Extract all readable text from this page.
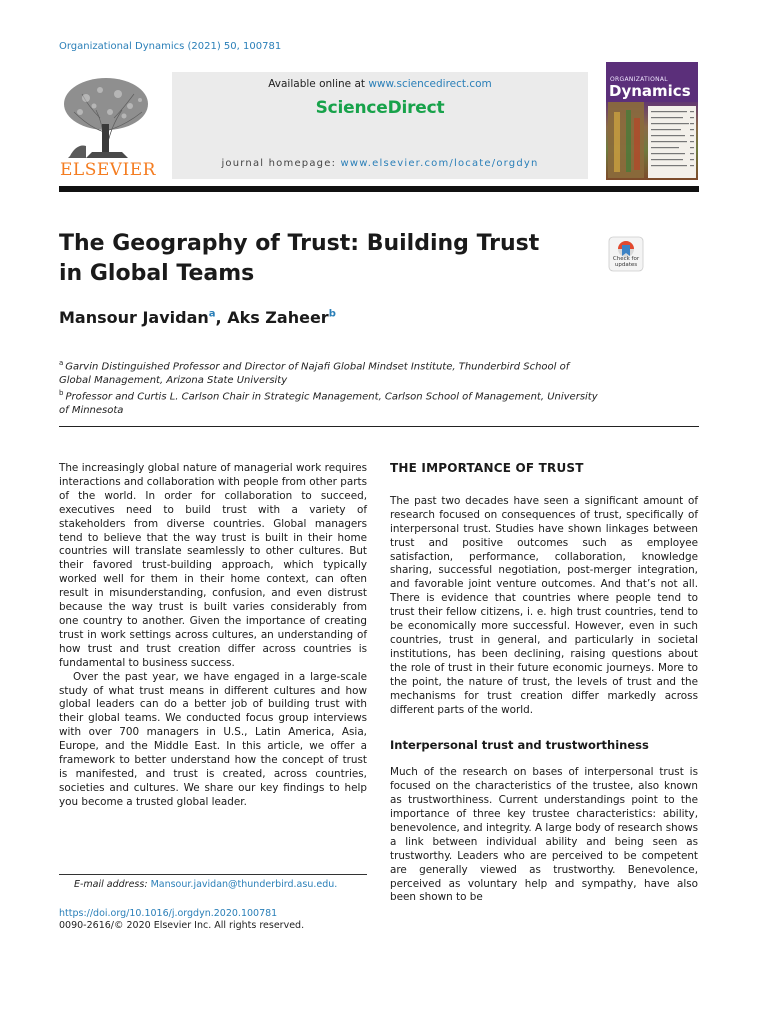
Organizational Dynamics (2021) 50, 100781
ELSEVIER
Available online at www.sciencedirect.com
ScienceDirect
journal homepage: www.elsevier.com/locate/orgdyn
ORGANIZATIONAL
Dynamics
The Geography of Trust: Building Trust
in Global Teams
Check for
updates
Mansour Javidan$^a$, Aks Zaheer$^b$
$^a$ Garvin Distinguished Professor and Director of Najafi Global Mindset Institute, Thunderbird School of Global Management, Arizona State University
$^b$ Professor and Curtis L. Carlson Chair in Strategic Management, Carlson School of Management, University of Minnesota

The increasingly global nature of managerial work requires interactions and collaboration with people from other parts of the world. In order for collaboration to succeed, executives need to build trust with a variety of stakeholders from diverse countries. Global managers tend to believe that the way trust is built in their home countries will translate seamlessly to other cultures. But their favored trust-building approach, which typically worked well for them in their home context, can often result in misunderstanding, confusion, and even distrust because the way trust is built varies considerably from one country to another. Given the importance of creating trust in work settings across cultures, an understanding of how trust and trust creation differ across countries is fundamental to business success.

Over the past year, we have engaged in a large-scale study of what trust means in different cultures and how global leaders can do a better job of building trust with their global teams. We conducted focus group interviews with over 700 managers in U.S., Latin America, Asia, Europe, and the Middle East. In this article, we offer a framework to better understand how the concept of trust is manifested, and trust is created, across countries, societies and cultures. We share our key findings to help you become a trusted global leader.

THE IMPORTANCE OF TRUST

The past two decades have seen a significant amount of research focused on consequences of trust, specifically of interpersonal trust. Studies have shown linkages between trust and positive outcomes such as employee satisfaction, performance, collaboration, knowledge sharing, successful negotiation, post-merger integration, and favorable joint venture outcomes. And that’s not all. There is evidence that countries where people tend to trust their fellow citizens, i. e. high trust countries, tend to be economically more successful. However, even in such countries, trust in general, and particularly in societal institutions, has been declining, raising questions about the role of trust in their future economic journeys. More to the point, the nature of trust, the levels of trust and the mechanisms for trust creation differ markedly across different parts of the world.

Interpersonal trust and trustworthiness

Much of the research on bases of interpersonal trust is focused on the characteristics of the trustee, also known as trustworthiness. Current understandings point to the importance of three key trustee characteristics: ability, benevolence, and integrity. A large body of research shows a link between individual ability and being seen as trustworthy. Leaders who are perceived to be competent are generally viewed as trustworthy. Benevolence, perceived as voluntary help and sympathy, have also been shown to be

E-mail address: Mansour.javidan@thunderbird.asu.edu.
https://doi.org/10.1016/j.orgdyn.2020.100781
0090-2616/© 2020 Elsevier Inc. All rights reserved.
